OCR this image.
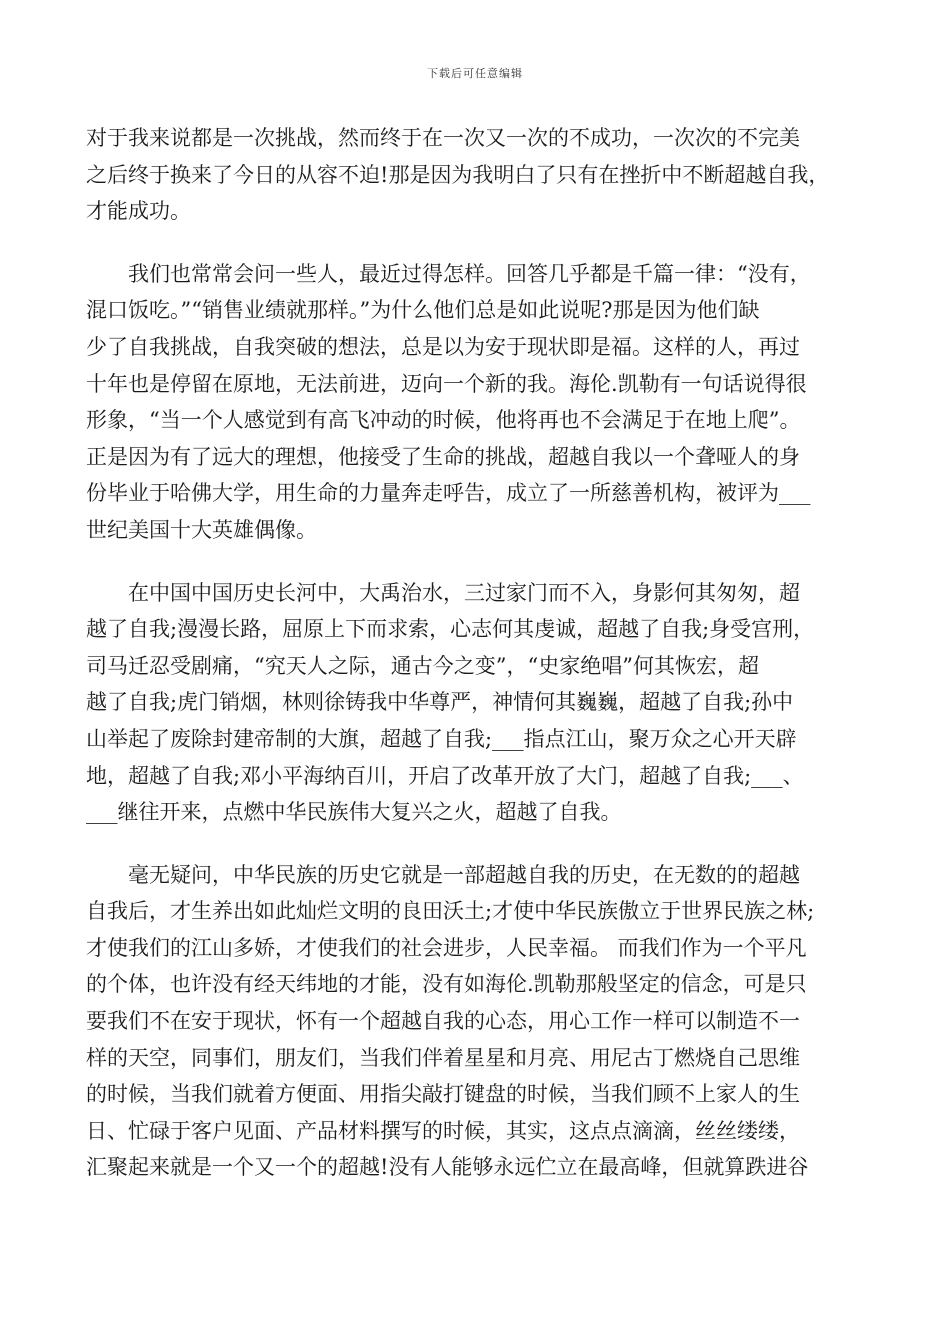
下载后可任意编辑

对于我来说都是一次挑战，然而终于在一次又一次的不成功，一次次的不完美
之后终于换来了今日的从容不迫!那是因为我明白了只有在挫折中不断超越自我，
才能成功。

我们也常常会问一些人，最近过得怎样。回答几乎都是千篇一律：“没有，
混口饭吃。”“销售业绩就那样。”为什么他们总是如此说呢?那是因为他们缺
少了自我挑战，自我突破的想法，总是以为安于现状即是福。这样的人，再过
十年也是停留在原地，无法前进，迈向一个新的我。海伦.凯勒有一句话说得很
形象，“当一个人感觉到有高飞冲动的时候，他将再也不会满足于在地上爬”。
正是因为有了远大的理想，他接受了生命的挑战，超越自我以一个聋哑人的身
份毕业于哈佛大学，用生命的力量奔走呼告，成立了一所慈善机构，被评为___
世纪美国十大英雄偶像。

在中国中国历史长河中，大禹治水，三过家门而不入，身影何其匆匆，超
越了自我;漫漫长路，屈原上下而求索，心志何其虔诚，超越了自我;身受宫刑，
司马迁忍受剧痛，“究天人之际，通古今之变”，“史家绝唱”何其恢宏，超
越了自我;虎门销烟，林则徐铸我中华尊严，神情何其巍巍，超越了自我;孙中
山举起了废除封建帝制的大旗，超越了自我;___指点江山，聚万众之心开天辟
地，超越了自我;邓小平海纳百川，开启了改革开放了大门，超越了自我;___、
___继往开来，点燃中华民族伟大复兴之火，超越了自我。

毫无疑问，中华民族的历史它就是一部超越自我的历史，在无数的的超越
自我后，才生养出如此灿烂文明的良田沃土;才使中华民族傲立于世界民族之林;
才使我们的江山多娇，才使我们的社会进步，人民幸福。 而我们作为一个平凡
的个体，也许没有经天纬地的才能，没有如海伦.凯勒那般坚定的信念，可是只
要我们不在安于现状，怀有一个超越自我的心态，用心工作一样可以制造不一
样的天空，同事们，朋友们，当我们伴着星星和月亮、用尼古丁燃烧自己思维
的时候，当我们就着方便面、用指尖敲打键盘的时候，当我们顾不上家人的生
日、忙碌于客户见面、产品材料撰写的时候，其实，这点点滴滴，丝丝缕缕，
汇聚起来就是一个又一个的超越!没有人能够永远伫立在最高峰，但就算跌进谷
